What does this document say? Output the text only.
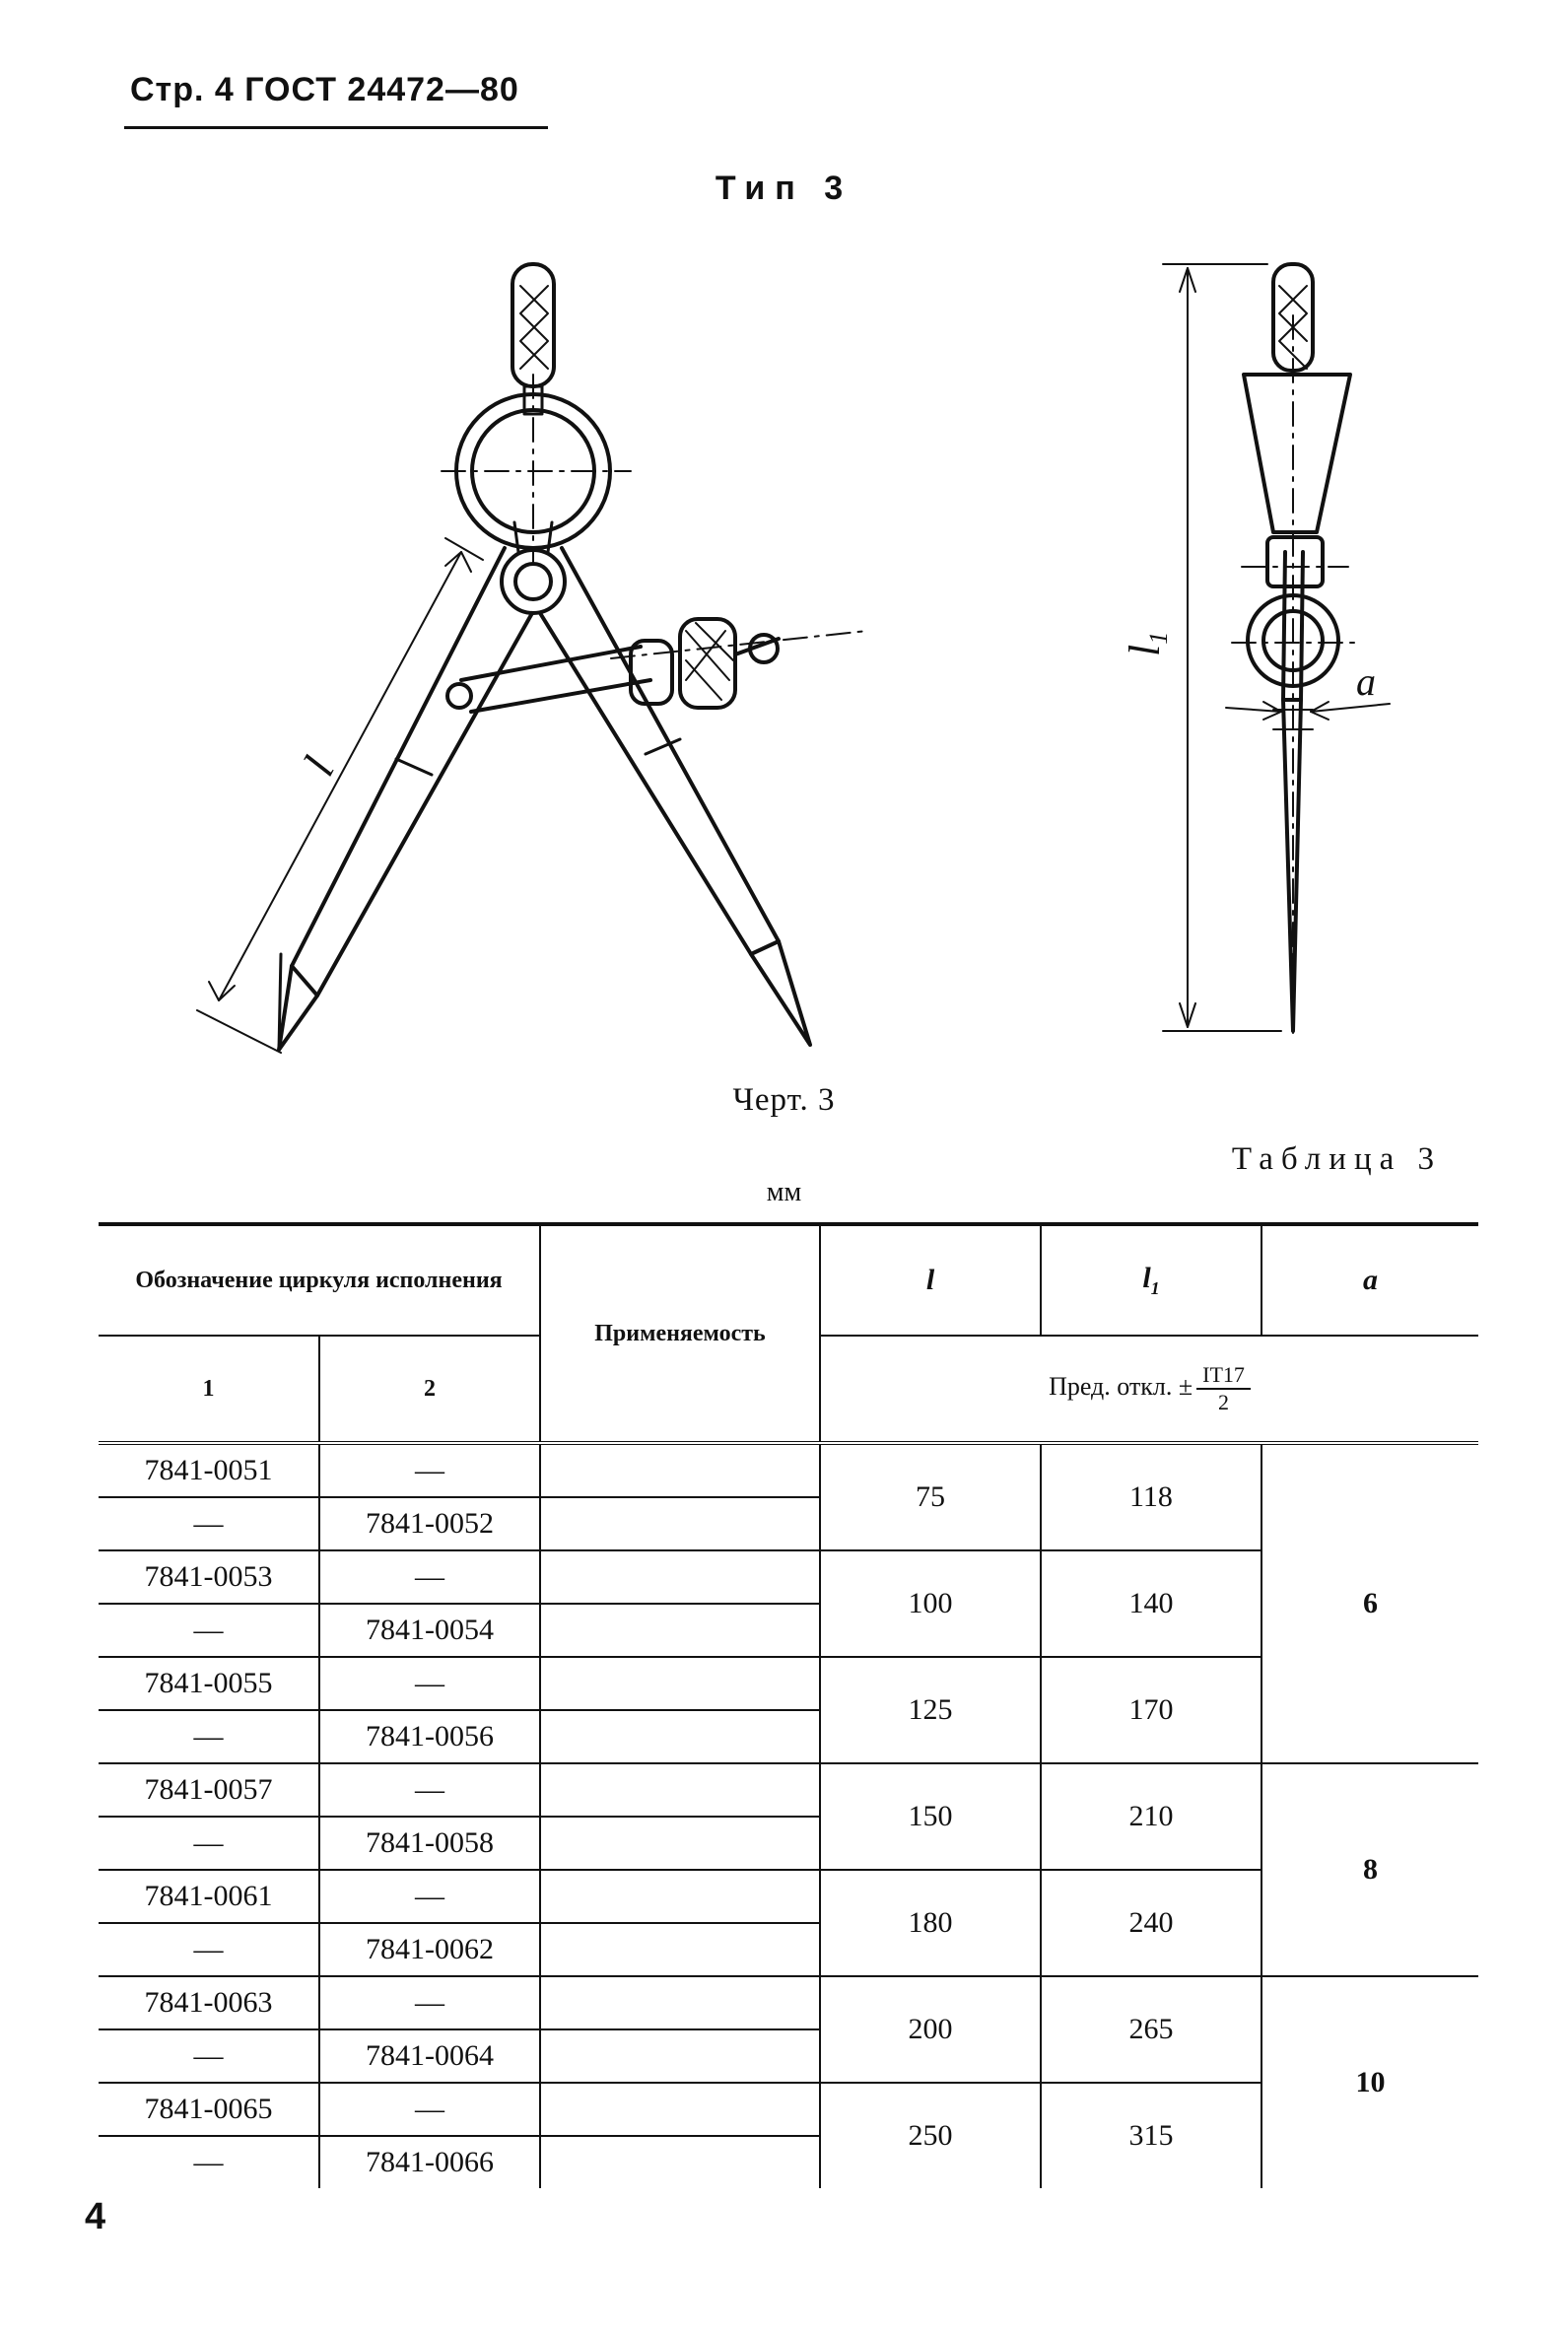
Стр. 4 ГОСТ 24472—80
Тип 3
l
l1
a
Черт. 3
Таблица 3
мм
Обозначение циркуля исполнения		Применяемость	l	$l_1$	a
1	2		Пред. откл. ± $\frac{IT17}{2}$

7841-0051	—		75	118	6
—	7841-0052				
7841-0053	—		100	140	
—	7841-0054				
7841-0055	—		125	170	
—	7841-0056				
7841-0057	—		150	210	8
—	7841-0058				
7841-0061	—		180	240	
—	7841-0062				
7841-0063	—		200	265	10
—	7841-0064				
7841-0065	—		250	315	
—	7841-0066				
4
